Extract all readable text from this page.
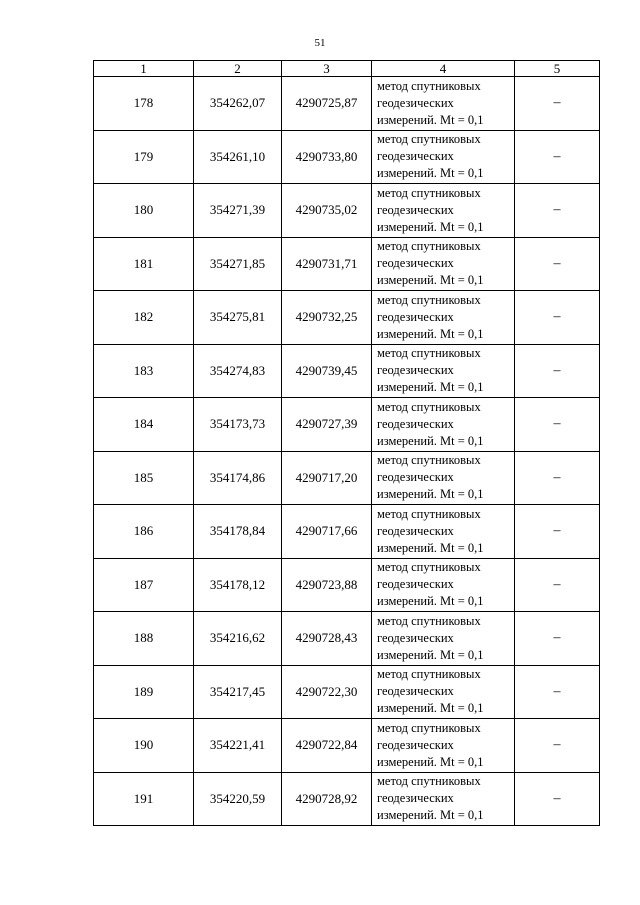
51
1	2	3	4	5
178	354262,07	4290725,87	метод спутниковых
геодезических
измерений. Mt = 0,1	–
179	354261,10	4290733,80	метод спутниковых
геодезических
измерений. Mt = 0,1	–
180	354271,39	4290735,02	метод спутниковых
геодезических
измерений. Mt = 0,1	–
181	354271,85	4290731,71	метод спутниковых
геодезических
измерений. Mt = 0,1	–
182	354275,81	4290732,25	метод спутниковых
геодезических
измерений. Mt = 0,1	–
183	354274,83	4290739,45	метод спутниковых
геодезических
измерений. Mt = 0,1	–
184	354173,73	4290727,39	метод спутниковых
геодезических
измерений. Mt = 0,1	–
185	354174,86	4290717,20	метод спутниковых
геодезических
измерений. Mt = 0,1	–
186	354178,84	4290717,66	метод спутниковых
геодезических
измерений. Mt = 0,1	–
187	354178,12	4290723,88	метод спутниковых
геодезических
измерений. Mt = 0,1	–
188	354216,62	4290728,43	метод спутниковых
геодезических
измерений. Mt = 0,1	–
189	354217,45	4290722,30	метод спутниковых
геодезических
измерений. Mt = 0,1	–
190	354221,41	4290722,84	метод спутниковых
геодезических
измерений. Mt = 0,1	–
191	354220,59	4290728,92	метод спутниковых
геодезических
измерений. Mt = 0,1	–
